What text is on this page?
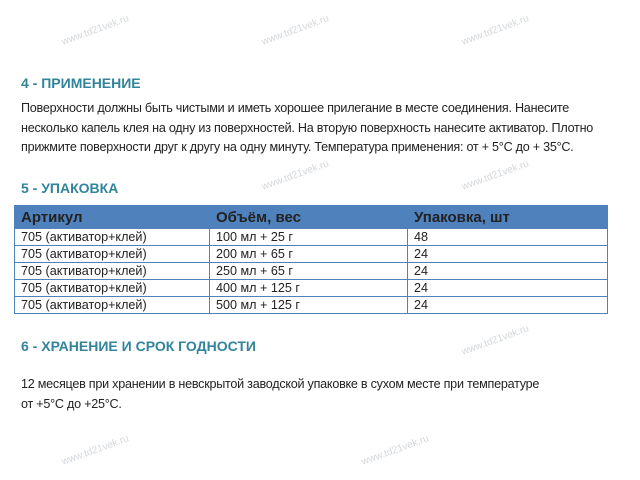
www.td21vek.ru	www.td21vek.ru	www.td21vek.ru
www.td21vek.ru	www.td21vek.ru
www.td21vek.ru
www.td21vek.ru	www.td21vek.ru
4 - ПРИМЕНЕНИЕ
Поверхности должны быть чистыми и иметь хорошее прилегание в месте соединения. Нанесите
несколько капель клея на одну из поверхностей. На вторую поверхность нанесите активатор. Плотно
прижмите поверхности друг к другу на одну минуту. Температура применения: от + 5°С до + 35°С.
5 - УПАКОВКА
Артикул	Объём, вес	Упаковка, шт
705 (активатор+клей)	100 мл + 25 г	48
705 (активатор+клей)	200 мл + 65 г	24
705 (активатор+клей)	250 мл + 65 г	24
705 (активатор+клей)	400 мл + 125 г	24
705 (активатор+клей)	500 мл + 125 г	24
6 - ХРАНЕНИЕ И СРОК ГОДНОСТИ
12 месяцев при хранении в невскрытой заводской упаковке в сухом месте при температуре
от +5°С до +25°С.
